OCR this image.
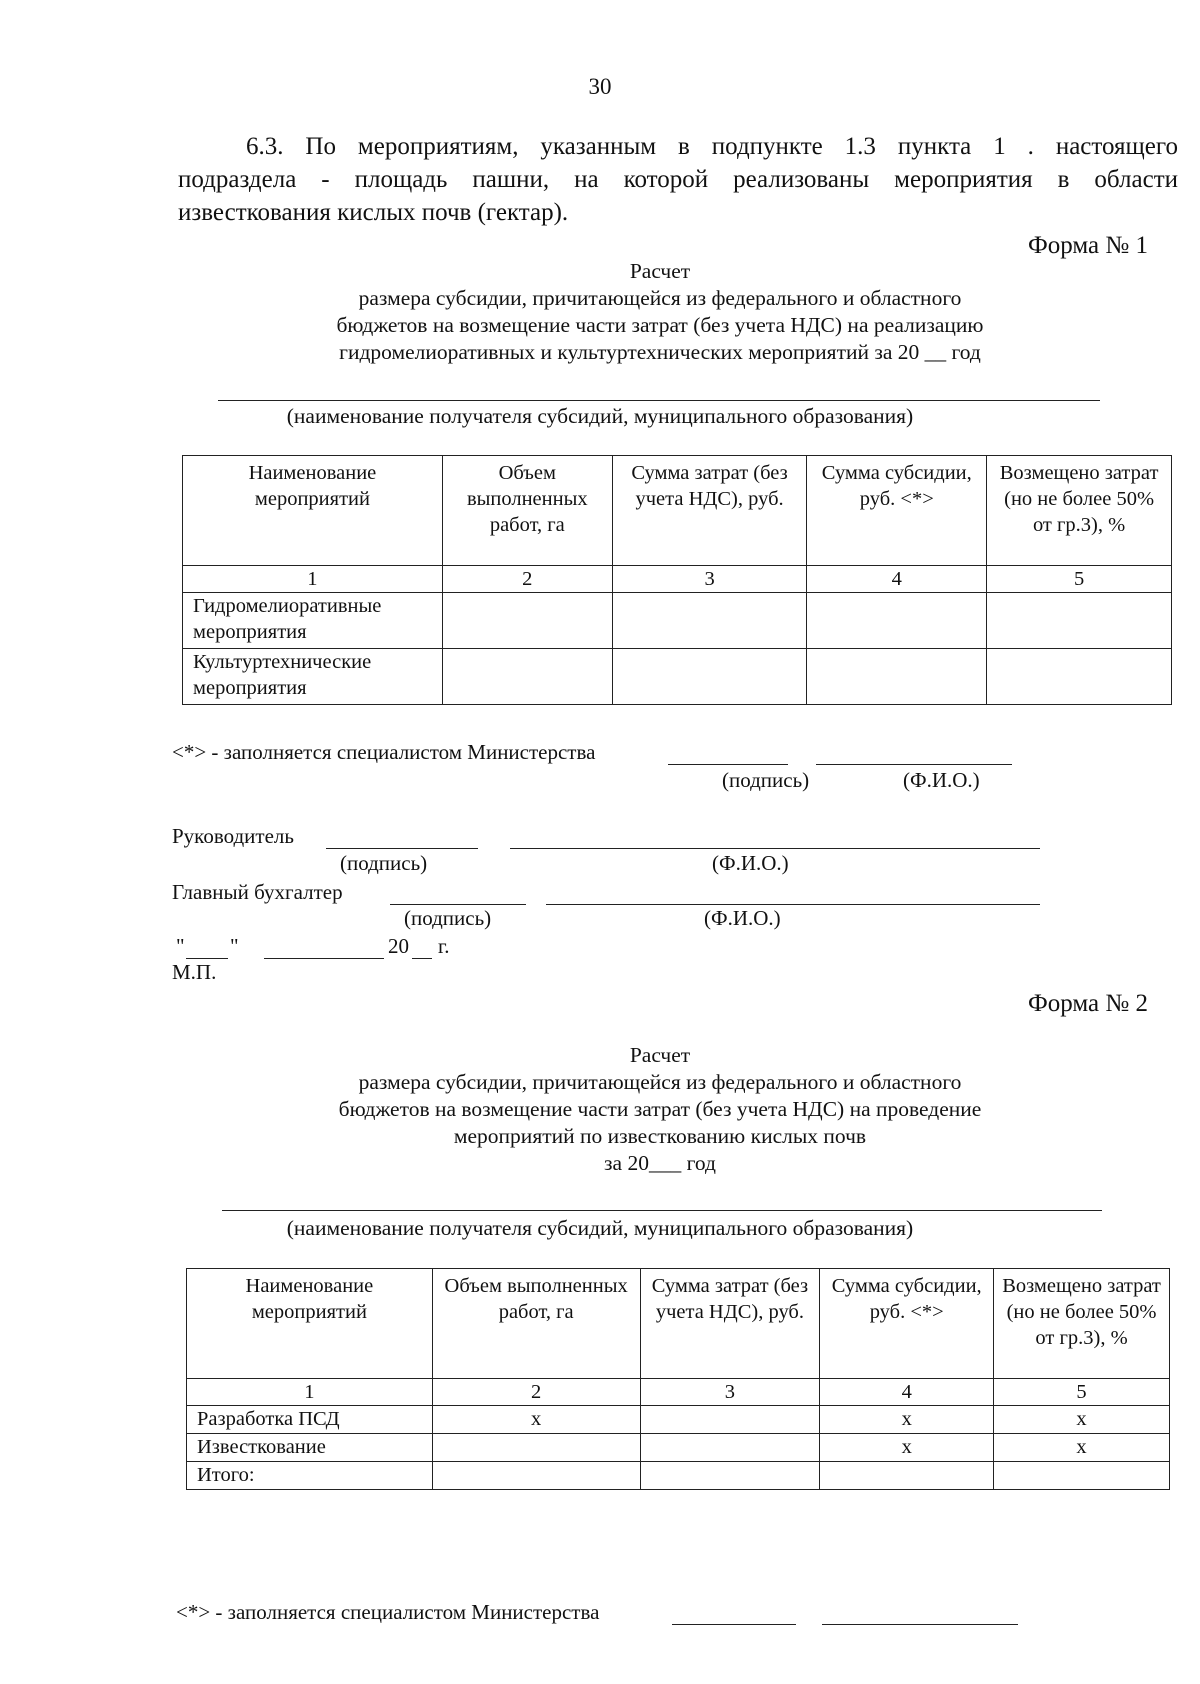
30
6.3. По мероприятиям, указанным в подпункте 1.3 пункта 1 . настоящего
подраздела - площадь пашни, на которой реализованы мероприятия в области
известкования кислых почв (гектар).
Форма № 1
Расчет
размера субсидии, причитающейся из федерального и областного
бюджетов на возмещение части затрат (без учета НДС) на реализацию
гидромелиоративных и культуртехнических мероприятий за 20 __ год
(наименование получателя субсидий, муниципального образования)
Наименование мероприятий	Объем выполненных работ, га	Сумма затрат (без учета НДС), руб.	Сумма субсидии, руб. <*>	Возмещено затрат (но не более 50% от гр.3), %
1	2	3	4	5
Гидромелиоративные мероприятия				
Культуртехнические мероприятия				
<*> - заполняется специалистом Министерства
(подпись)	(Ф.И.О.)
Руководитель
(подпись)	(Ф.И.О.)
Главный бухгалтер
(подпись)	(Ф.И.О.)
" "	20 г.
М.П.
Форма № 2
Расчет
размера субсидии, причитающейся из федерального и областного
бюджетов на возмещение части затрат (без учета НДС) на проведение
мероприятий по известкованию кислых почв
за 20___ год
(наименование получателя субсидий, муниципального образования)
Наименование мероприятий	Объем выполненных работ, га	Сумма затрат (без учета НДС), руб.	Сумма субсидии, руб. <*>	Возмещено затрат (но не более 50% от гр.3), %
1	2	3	4	5
Разработка ПСД	х		х	х
Известкование			х	х
Итого:				
<*> - заполняется специалистом Министерства
